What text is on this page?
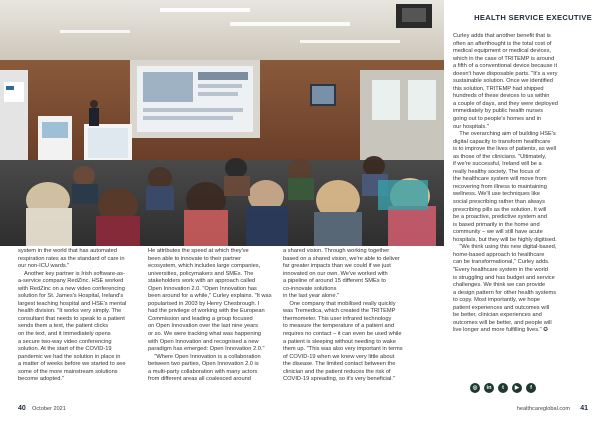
HEALTH SERVICE EXECUTIVE
Curley adds that another benefit that is
often an afterthought is the total cost of
medical equipment or medical devices,
which in the case of TRITEMP is around
a fifth of a conventional device because it
doesn't have disposable parts. "It's a very
sustainable solution. Once we identified
this solution, TRITEMP had shipped
hundreds of these devices to us within
a couple of days, and they were deployed
immediately by public health nurses
going out to people's homes and in
our hospitals."
The overarching aim of building HSE's
digital capacity to transform healthcare
is to improve the lives of patients, as well
as those of the clinicians. "Ultimately,
if we're successful, Ireland will be a
really healthy society. The focus of
the healthcare system will move from
recovering from illness to maintaining
wellness. We'll use techniques like
social prescribing rather than always
prescribing pills as the solution. It will
be a proactive, predictive system and
is based primarily in the home and
community – we will still have acute
hospitals, but they will be highly digitised.
"We think using this new digital-based,
home-based approach to healthcare
can be transformational," Curley adds.
"Every healthcare system in the world
is struggling and has budget and service
challenges. We think we can provide
a design pattern for other health systems
to copy. Most importantly, we hope
patient experiences and outcomes will
be better, clinician experiences and
outcomes will be better, and people will
live longer and more fulfilling lives." ✪
system in the world that has automated
respiration rates as the standard of care in
our non-ICU wards."
Another key partner is Irish software-as-
a-service company RedZinc. HSE worked
with RedZinc on a new video conferencing
solution for St. James's Hospital, Ireland's
largest teaching hospital and HSE's mental
health division. "It works very simply. The
consultant that needs to speak to a patient
sends them a text, the patient clicks
on the text, and it immediately opens
a secure two-way video conferencing
solution. At the start of the COVID-19
pandemic we had the solution in place in
a matter of weeks before we started to see
some of the more mainstream solutions
become adopted."
He attributes the speed at which they've
been able to innovate to their partner
ecosystem, which includes large companies,
universities, policymakers and SMEs. The
stakeholders work with an approach called
Open Innovation 2.0. "Open Innovation has
been around for a while," Curley explains. "It was
popularised in 2003 by Henry Chesbrough. I
had the privilege of working with the European
Commission and leading a group focused
on Open Innovation over the last nine years
or so. We were tracking what was happening
with Open Innovation and recognised a new
paradigm has emerged: Open Innovation 2.0."
"Where Open Innovation is a collaboration
between two parties, Open Innovation 2.0 is
a multi-party collaboration with many actors
from different areas all coalesced around
a shared vision. Through working together
based on a shared vision, we're able to deliver
far greater impacts than we could if we just
innovated on our own. We've worked with
a pipeline of around 15 different SMEs to
co-innovate solutions
in the last year alone."
One company that mobilised really quickly
was Tremedica, which created the TRITEMP
thermometer. This user infrared technology
to measure the temperature of a patient and
requires no contact – it can even be used while
a patient is sleeping without needing to wake
them up. "This was also very important in terms
of COVID-19 when we knew very little about
the disease. The limited contact between the
clinician and the patient reduces the risk of
COVID-19 spreading, so it's very beneficial."
◎	in	t	▶	f
40 October 2021	healthcareglobal.com 41
